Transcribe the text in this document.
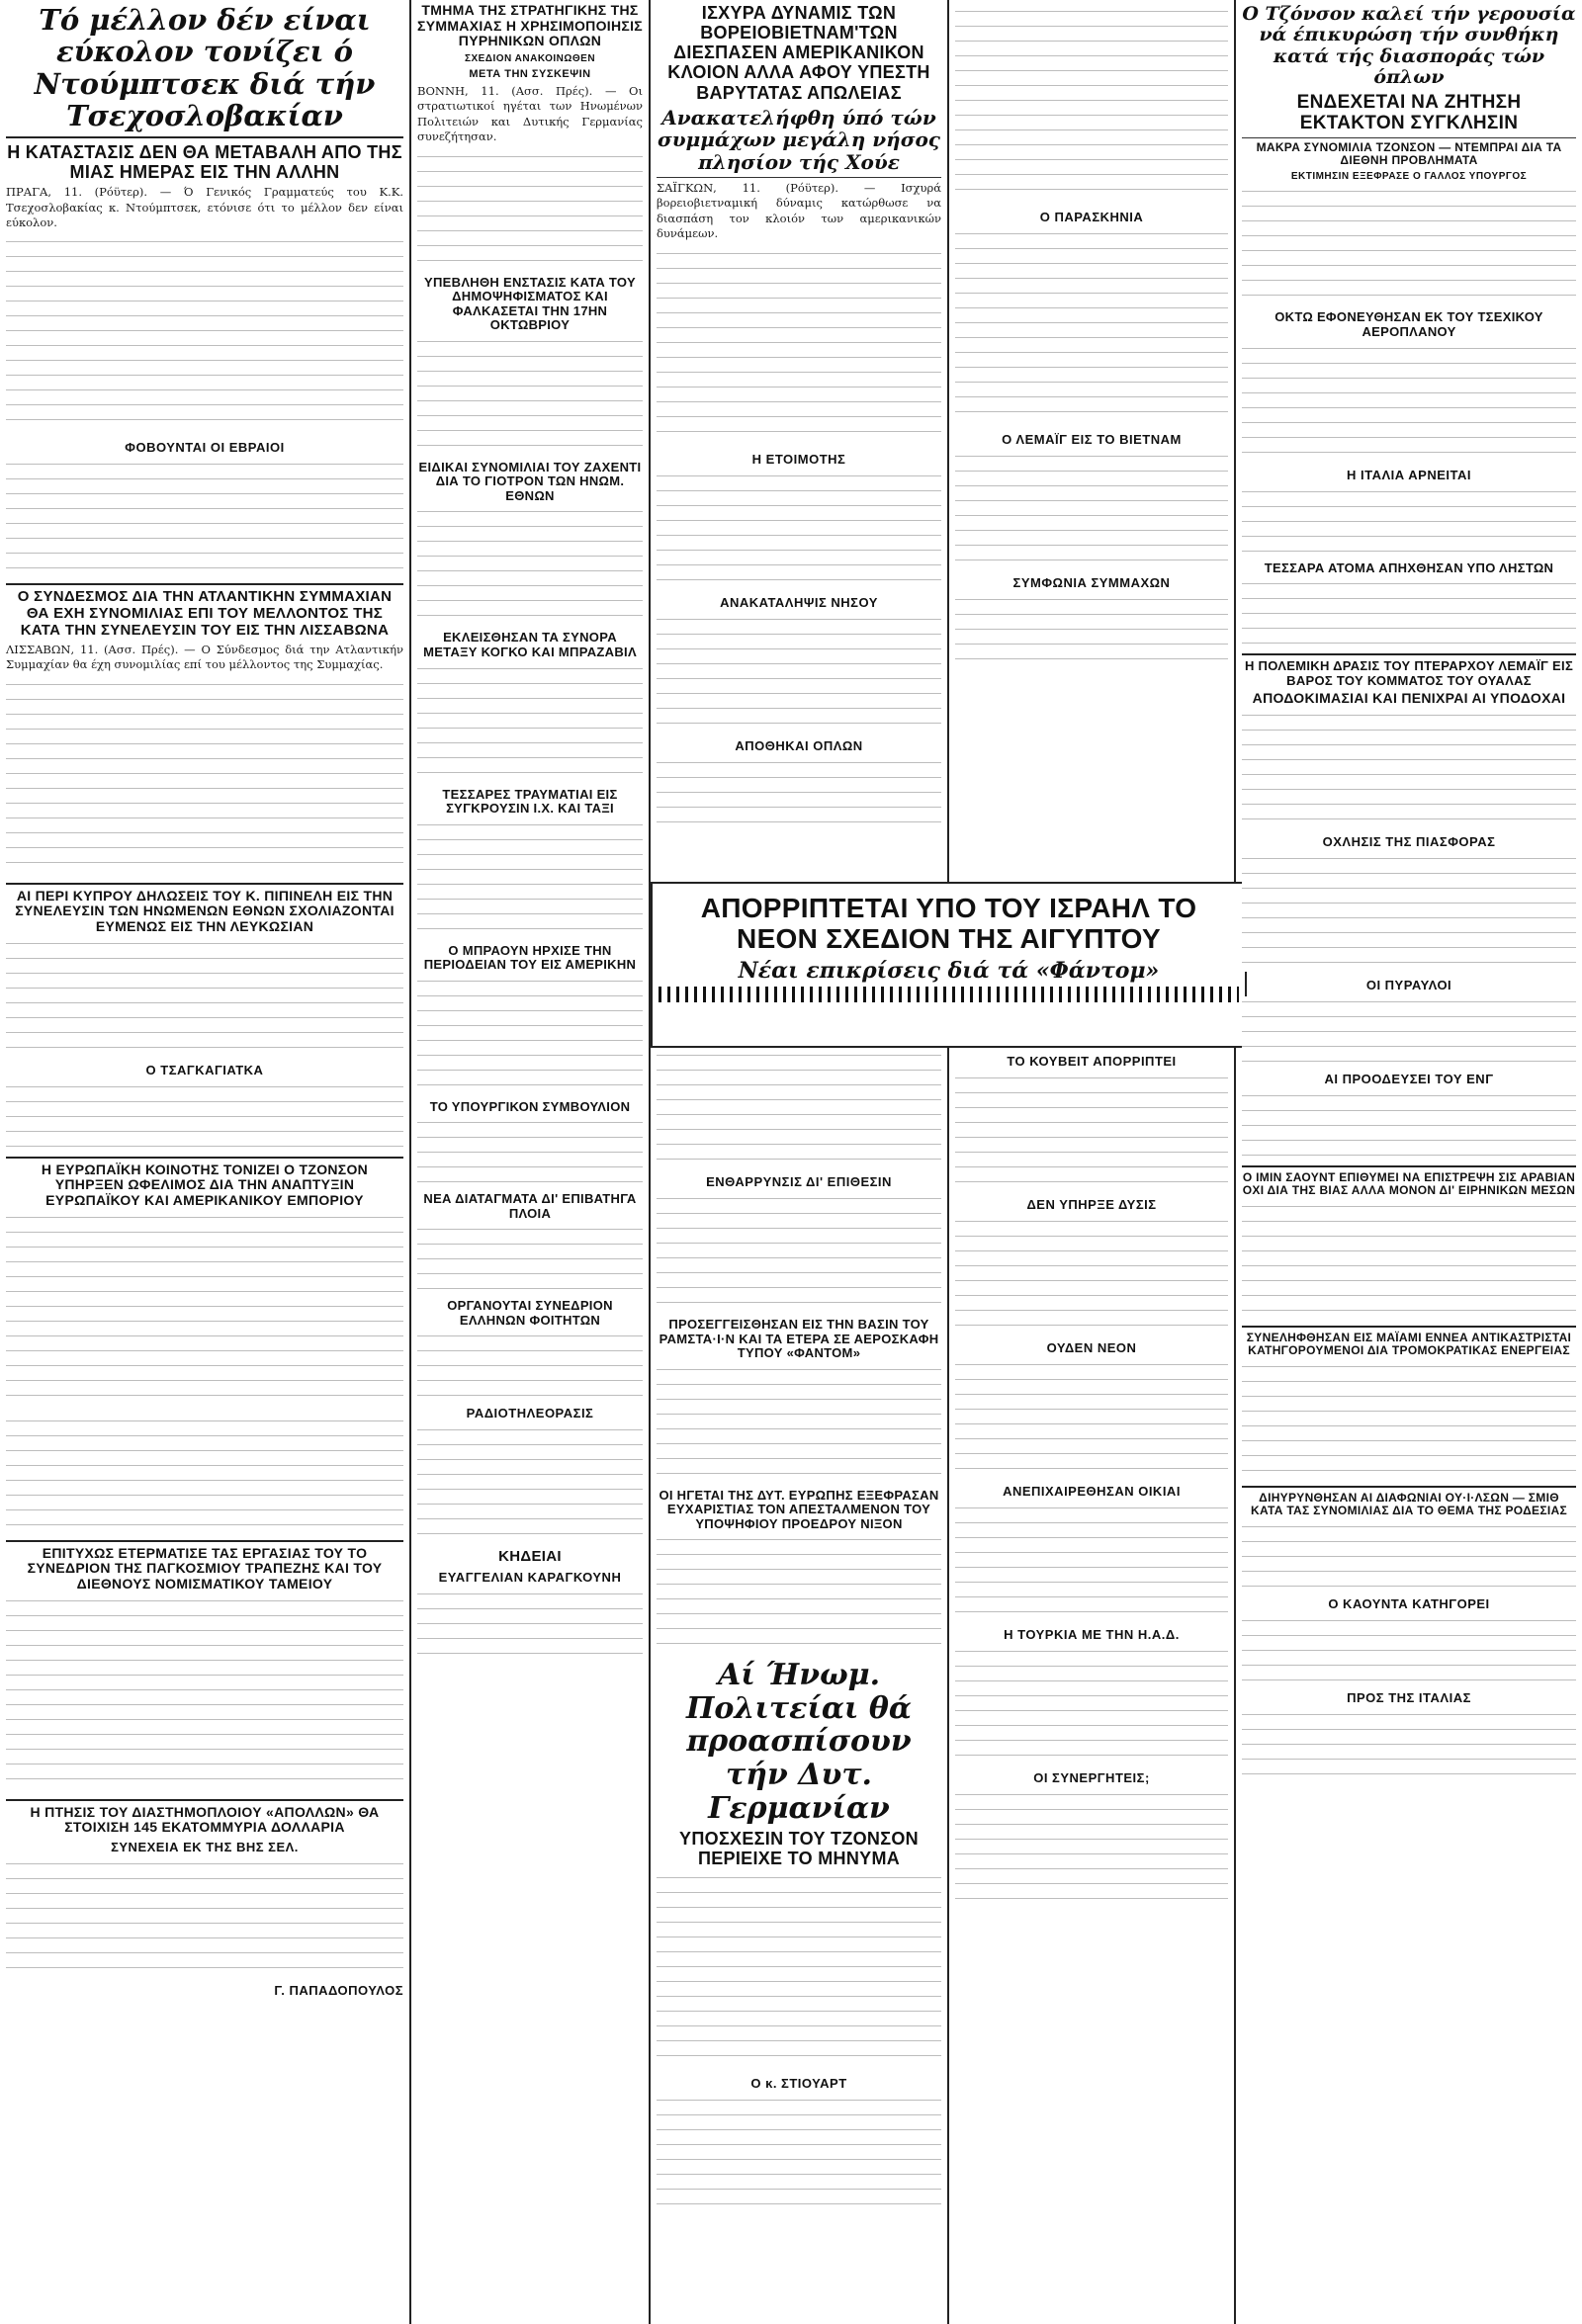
Τό μέλλον δέν είναι εύκολον τονίζει ό Ντούμπτσεκ διά τήν Τσεχοσλοβακίαν
Η ΚΑΤΑΣΤΑΣΙΣ ΔΕΝ ΘΑ ΜΕΤΑΒΑΛΗ ΑΠΟ ΤΗΣ ΜΙΑΣ ΗΜΕΡΑΣ ΕΙΣ ΤΗΝ ΑΛΛΗΝ
ΠΡΑΓΑ, 11. (Ρόϋτερ). — Ό Γενικός Γραμματεύς του Κ.Κ. Τσεχοσλοβακίας κ. Ντούμπτσεκ, ετόνισε ότι το μέλλον δεν είναι εύκολον.
ΦΟΒΟΥΝΤΑΙ ΟΙ ΕΒΡΑΙΟΙ
Ο ΣΥΝΔΕΣΜΟΣ ΔΙΑ ΤΗΝ ΑΤΛΑΝΤΙΚΗΝ ΣΥΜΜΑΧΙΑΝ ΘΑ ΕΧΗ ΣΥΝΟΜΙΛΙΑΣ ΕΠΙ ΤΟΥ ΜΕΛΛΟΝΤΟΣ ΤΗΣ ΚΑΤΑ ΤΗΝ ΣΥΝΕΛΕΥΣΙΝ ΤΟΥ ΕΙΣ ΤΗΝ ΛΙΣΣΑΒΩΝΑ
ΛΙΣΣΑΒΩΝ, 11. (Ασσ. Πρές). — Ο Σύνδεσμος διά την Ατλαντικήν Συμμαχίαν θα έχη συνομιλίας επί του μέλλοντος της Συμμαχίας.
ΑΙ ΠΕΡΙ ΚΥΠΡΟΥ ΔΗΛΩΣΕΙΣ ΤΟΥ Κ. ΠΙΠΙΝΕΛΗ ΕΙΣ ΤΗΝ ΣΥΝΕΛΕΥΣΙΝ ΤΩΝ ΗΝΩΜΕΝΩΝ ΕΘΝΩΝ ΣΧΟΛΙΑΖΟΝΤΑΙ ΕΥΜΕΝΩΣ ΕΙΣ ΤΗΝ ΛΕΥΚΩΣΙΑΝ
Ο ΤΣΑΓΚΑΓΙΑΤΚΑ
Η ΕΥΡΩΠΑΪΚΗ ΚΟΙΝΟΤΗΣ ΤΟΝΙΖΕΙ Ο ΤΖΟΝΣΟΝ ΥΠΗΡΞΕΝ ΩΦΕΛΙΜΟΣ ΔΙΑ ΤΗΝ ΑΝΑΠΤΥΞΙΝ ΕΥΡΩΠΑΪΚΟΥ ΚΑΙ ΑΜΕΡΙΚΑΝΙΚΟΥ ΕΜΠΟΡΙΟΥ
ΕΠΙΤΥΧΩΣ ΕΤΕΡΜΑΤΙΣΕ ΤΑΣ ΕΡΓΑΣΙΑΣ ΤΟΥ ΤΟ ΣΥΝΕΔΡΙΟΝ ΤΗΣ ΠΑΓΚΟΣΜΙΟΥ ΤΡΑΠΕΖΗΣ ΚΑΙ ΤΟΥ ΔΙΕΘΝΟΥΣ ΝΟΜΙΣΜΑΤΙΚΟΥ ΤΑΜΕΙΟΥ
Η ΠΤΗΣΙΣ ΤΟΥ ΔΙΑΣΤΗΜΟΠΛΟΙΟΥ «ΑΠΟΛΛΩΝ» ΘΑ ΣΤΟΙΧΙΣΗ 145 ΕΚΑΤΟΜΜΥΡΙΑ ΔΟΛΛΑΡΙΑ
ΣΥΝΕΧΕΙΑ ΕΚ ΤΗΣ ΒΗΣ ΣΕΛ.
Γ. ΠΑΠΑΔΟΠΟΥΛΟΣ
ΤΜΗΜΑ ΤΗΣ ΣΤΡΑΤΗΓΙΚΗΣ ΤΗΣ ΣΥΜΜΑΧΙΑΣ Η ΧΡΗΣΙΜΟΠΟΙΗΣΙΣ ΠΥΡΗΝΙΚΩΝ ΟΠΛΩΝ
ΣΧΕΔΙΟΝ ΑΝΑΚΟΙΝΩΘΕΝ
ΜΕΤΑ ΤΗΝ ΣΥΣΚΕΨΙΝ
ΒΟΝΝΗ, 11. (Ασσ. Πρές). — Οι στρατιωτικοί ηγέται των Ηνωμένων Πολιτειών και Δυτικής Γερμανίας συνεζήτησαν.
ΥΠΕΒΛΗΘΗ ΕΝΣΤΑΣΙΣ ΚΑΤΑ ΤΟΥ ΔΗΜΟΨΗΦΙΣΜΑΤΟΣ ΚΑΙ ΦΑΛΚΑΣΕΤΑΙ ΤΗΝ 17ΗΝ ΟΚΤΩΒΡΙΟΥ
ΕΙΔΙΚΑΙ ΣΥΝΟΜΙΛΙΑΙ ΤΟΥ ΖΑΧΕΝΤΙ ΔΙΑ ΤΟ ΓΙΟΤΡΟΝ ΤΩΝ ΗΝΩΜ. ΕΘΝΩΝ
ΕΚΛΕΙΣΘΗΣΑΝ ΤΑ ΣΥΝΟΡΑ ΜΕΤΑΞΥ ΚΟΓΚΟ ΚΑΙ ΜΠΡΑΖΑΒΙΛ
ΤΕΣΣΑΡΕΣ ΤΡΑΥΜΑΤΙΑΙ ΕΙΣ ΣΥΓΚΡΟΥΣΙΝ Ι.Χ. ΚΑΙ ΤΑΞΙ
Ο ΜΠΡΑΟΥΝ ΗΡΧΙΣΕ ΤΗΝ ΠΕΡΙΟΔΕΙΑΝ ΤΟΥ ΕΙΣ ΑΜΕΡΙΚΗΝ
ΤΟ ΥΠΟΥΡΓΙΚΟΝ ΣΥΜΒΟΥΛΙΟΝ
ΝΕΑ ΔΙΑΤΑΓΜΑΤΑ ΔΙ' ΕΠΙΒΑΤΗΓΑ ΠΛΟΙΑ
ΟΡΓΑΝΟΥΤΑΙ ΣΥΝΕΔΡΙΟΝ ΕΛΛΗΝΩΝ ΦΟΙΤΗΤΩΝ
ΡΑΔΙΟΤΗΛΕΟΡΑΣΙΣ
ΚΗΔΕΙΑΙ
ΕΥΑΓΓΕΛΙΑΝ ΚΑΡΑΓΚΟΥΝΗ
ΙΣΧΥΡΑ ΔΥΝΑΜΙΣ ΤΩΝ ΒΟΡΕΙΟΒΙΕΤΝΑΜ'ΤΩΝ ΔΙΕΣΠΑΣΕΝ ΑΜΕΡΙΚΑΝΙΚΟΝ ΚΛΟΙΟΝ ΑΛΛΑ ΑΦΟΥ ΥΠΕΣΤΗ ΒΑΡΥΤΑΤΑΣ ΑΠΩΛΕΙΑΣ
Ανακατελήφθη ύπό τών συμμάχων μεγάλη νήσος πλησίον τής Χούε
ΣΑΪΓΚΩΝ, 11. (Ρόϋτερ). — Ισχυρά βορειοβιετναμική δύναμις κατώρθωσε να διασπάση τον κλοιόν των αμερικανικών δυνάμεων.
Η ΕΤΟΙΜΟΤΗΣ
ΑΝΑΚΑΤΑΛΗΨΙΣ ΝΗΣΟΥ
ΑΠΟΘΗΚΑΙ ΟΠΛΩΝ
Ο ΠΑΡΑΣΚΗΝΙΑ
Ο ΛΕΜΑΪΓ ΕΙΣ ΤΟ ΒΙΕΤΝΑΜ
ΣΥΜΦΩΝΙΑ ΣΥΜΜΑΧΩΝ
ΑΠΟΡΡΙΠΤΕΤΑΙ ΥΠΟ ΤΟΥ ΙΣΡΑΗΛ ΤΟ ΝΕΟΝ ΣΧΕΔΙΟΝ ΤΗΣ ΑΙΓΥΠΤΟΥ
Νέαι επικρίσεις διά τά «Φάντομ»
ΕΝΘΑΡΡΥΝΣΙΣ ΔΙ' ΕΠΙΘΕΣΙΝ
ΠΡΟΣΕΓΓΕΙΣΘΗΣΑΝ ΕΙΣ ΤΗΝ ΒΑΣΙΝ ΤΟΥ ΡΑΜΣΤΑ·Ι·Ν ΚΑΙ ΤΑ ΕΤΕΡΑ ΣΕ ΑΕΡΟΣΚΑΦΗ ΤΥΠΟΥ «ΦΑΝΤΟΜ»
ΟΙ ΗΓΕΤΑΙ ΤΗΣ ΔΥΤ. ΕΥΡΩΠΗΣ ΕΞΕΦΡΑΣΑΝ ΕΥΧΑΡΙΣΤΙΑΣ ΤΟΝ ΑΠΕΣΤΑΛΜΕΝΟΝ ΤΟΥ ΥΠΟΨΗΦΙΟΥ ΠΡΟΕΔΡΟΥ ΝΙΞΟΝ
Αί Ήνωμ. Πολιτείαι θά προασπίσουν τήν Δυτ. Γερμανίαν
ΥΠΟΣΧΕΣΙΝ ΤΟΥ ΤΖΟΝΣΟΝ ΠΕΡΙΕΙΧΕ ΤΟ ΜΗΝΥΜΑ
Ο κ. ΣΤΙΟΥΑΡΤ
ΤΟ ΚΟΥΒΕΙΤ ΑΠΟΡΡΙΠΤΕΙ
ΔΕΝ ΥΠΗΡΞΕ ΔΥΣΙΣ
ΟΥΔΕΝ ΝΕΟΝ
ΑΝΕΠΙΧΑΙΡΕΘΗΣΑΝ ΟΙΚΙΑΙ
Η ΤΟΥΡΚΙΑ ΜΕ ΤΗΝ Η.Α.Δ.
ΟΙ ΣΥΝΕΡΓΗΤΕΙΣ;
Ο Τζόνσον καλεί τήν γερουσία νά έπικυρώση τήν συνθήκη κατά τής διασποράς τών όπλων
ΕΝΔΕΧΕΤΑΙ ΝΑ ΖΗΤΗΣΗ ΕΚΤΑΚΤΟΝ ΣΥΓΚΛΗΣΙΝ
ΜΑΚΡΑ ΣΥΝΟΜΙΛΙΑ ΤΖΟΝΣΟΝ — ΝΤΕΜΠΡΑΙ ΔΙΑ ΤΑ ΔΙΕΘΝΗ ΠΡΟΒΛΗΜΑΤΑ
ΕΚΤΙΜΗΣΙΝ ΕΞΕΦΡΑΣΕ Ο ΓΑΛΛΟΣ ΥΠΟΥΡΓΟΣ
ΟΚΤΩ ΕΦΟΝΕΥΘΗΣΑΝ ΕΚ ΤΟΥ ΤΣΕΧΙΚΟΥ ΑΕΡΟΠΛΑΝΟΥ
Η ΙΤΑΛΙΑ ΑΡΝΕΙΤΑΙ
ΤΕΣΣΑΡΑ ΑΤΟΜΑ ΑΠΗΧΘΗΣΑΝ ΥΠΟ ΛΗΣΤΩΝ
Η ΠΟΛΕΜΙΚΗ ΔΡΑΣΙΣ ΤΟΥ ΠΤΕΡΑΡΧΟΥ ΛΕΜΑΪΓ ΕΙΣ ΒΑΡΟΣ ΤΟΥ ΚΟΜΜΑΤΟΣ ΤΟΥ ΟΥΑΛΑΣ
ΑΠΟΔΟΚΙΜΑΣΙΑΙ ΚΑΙ ΠΕΝΙΧΡΑΙ ΑΙ ΥΠΟΔΟΧΑΙ
ΟΧΛΗΣΙΣ ΤΗΣ ΠΙΑΣΦΟΡΑΣ
ΟΙ ΠΥΡΑΥΛΟΙ
ΑΙ ΠΡΟΟΔΕΥΣΕΙ ΤΟΥ ΕΝΓ
Ο ΙΜΙΝ ΣΑΟΥΝΤ ΕΠΙΘΥΜΕΙ ΝΑ ΕΠΙΣΤΡΕΨΗ ΣΙΣ ΑΡΑΒΙΑΝ ΟΧΙ ΔΙΑ ΤΗΣ ΒΙΑΣ ΑΛΛΑ ΜΟΝΟΝ ΔΙ' ΕΙΡΗΝΙΚΩΝ ΜΕΣΩΝ
ΣΥΝΕΛΗΦΘΗΣΑΝ ΕΙΣ ΜΑΪΑΜΙ ΕΝΝΕΑ ΑΝΤΙΚΑΣΤΡΙΣΤΑΙ ΚΑΤΗΓΟΡΟΥΜΕΝΟΙ ΔΙΑ ΤΡΟΜΟΚΡΑΤΙΚΑΣ ΕΝΕΡΓΕΙΑΣ
ΔΙΗΥΡΥΝΘΗΣΑΝ ΑΙ ΔΙΑΦΩΝΙΑΙ ΟΥ·Ι·ΛΣΩΝ — ΣΜΙΘ ΚΑΤΑ ΤΑΣ ΣΥΝΟΜΙΛΙΑΣ ΔΙΑ ΤΟ ΘΕΜΑ ΤΗΣ ΡΟΔΕΣΙΑΣ
Ο ΚΑΟΥΝΤΑ ΚΑΤΗΓΟΡΕΙ
ΠΡΟΣ ΤΗΣ ΙΤΑΛΙΑΣ
